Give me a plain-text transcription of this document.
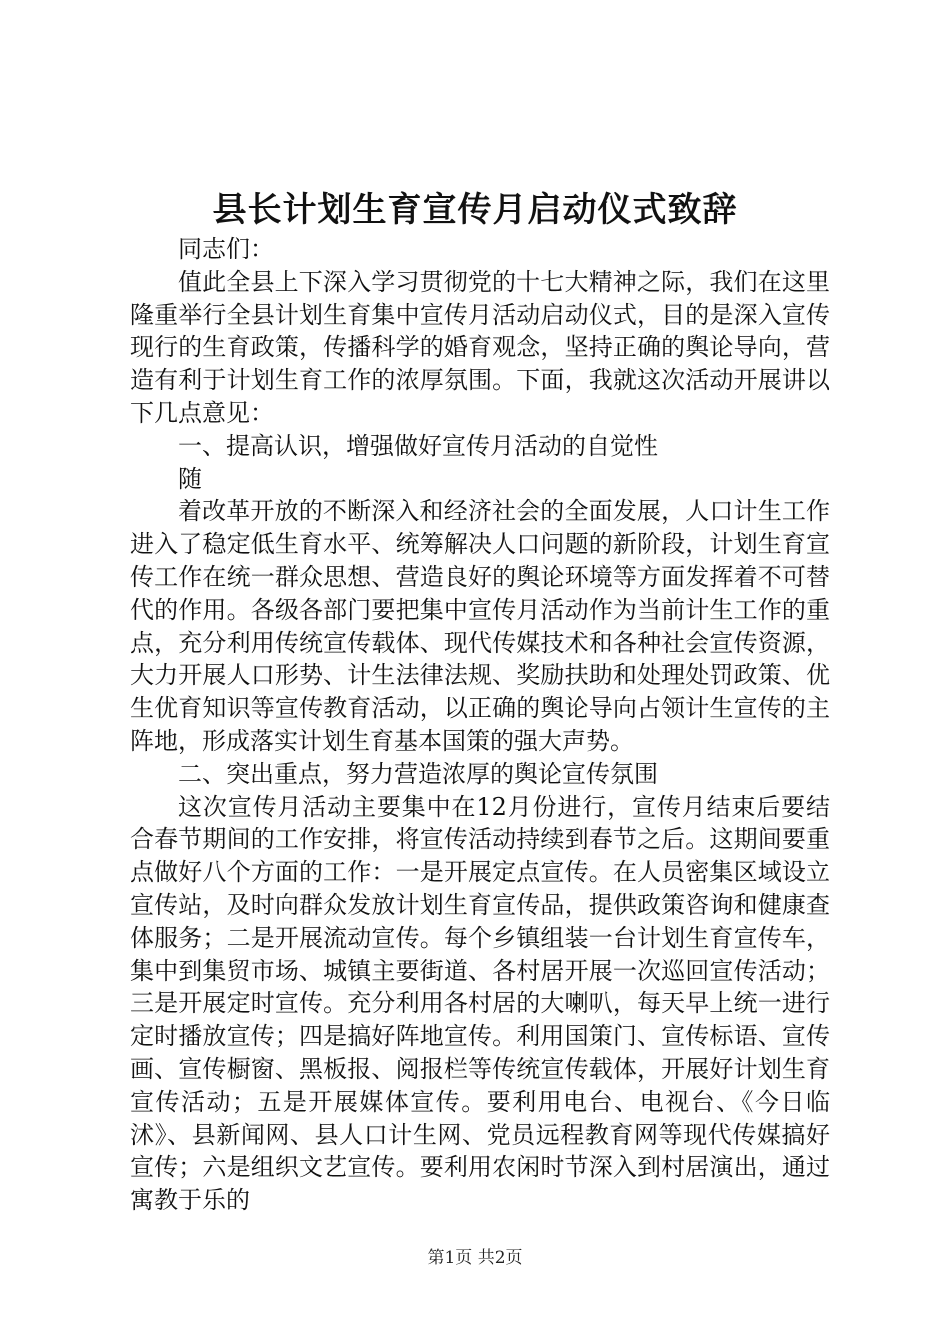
县长计划生育宣传月启动仪式致辞

同志们：

值此全县上下深入学习贯彻党的十七大精神之际，我们在这里隆重举行全县计划生育集中宣传月活动启动仪式，目的是深入宣传现行的生育政策，传播科学的婚育观念，坚持正确的舆论导向，营造有利于计划生育工作的浓厚氛围。下面，我就这次活动开展讲以下几点意见：

一、提高认识，增强做好宣传月活动的自觉性

随

着改革开放的不断深入和经济社会的全面发展，人口计生工作进入了稳定低生育水平、统筹解决人口问题的新阶段，计划生育宣传工作在统一群众思想、营造良好的舆论环境等方面发挥着不可替代的作用。各级各部门要把集中宣传月活动作为当前计生工作的重点，充分利用传统宣传载体、现代传媒技术和各种社会宣传资源，大力开展人口形势、计生法律法规、奖励扶助和处理处罚政策、优生优育知识等宣传教育活动，以正确的舆论导向占领计生宣传的主阵地，形成落实计划生育基本国策的强大声势。

二、突出重点，努力营造浓厚的舆论宣传氛围

这次宣传月活动主要集中在12月份进行，宣传月结束后要结合春节期间的工作安排，将宣传活动持续到春节之后。这期间要重点做好八个方面的工作：一是开展定点宣传。在人员密集区域设立宣传站，及时向群众发放计划生育宣传品，提供政策咨询和健康查体服务；二是开展流动宣传。每个乡镇组装一台计划生育宣传车，集中到集贸市场、城镇主要街道、各村居开展一次巡回宣传活动；三是开展定时宣传。充分利用各村居的大喇叭，每天早上统一进行定时播放宣传；四是搞好阵地宣传。利用国策门、宣传标语、宣传画、宣传橱窗、黑板报、阅报栏等传统宣传载体，开展好计划生育宣传活动；五是开展媒体宣传。要利用电台、电视台、《今日临沭》、县新闻网、县人口计生网、党员远程教育网等现代传媒搞好宣传；六是组织文艺宣传。要利用农闲时节深入到村居演出，通过寓教于乐的

第1页 共2页
